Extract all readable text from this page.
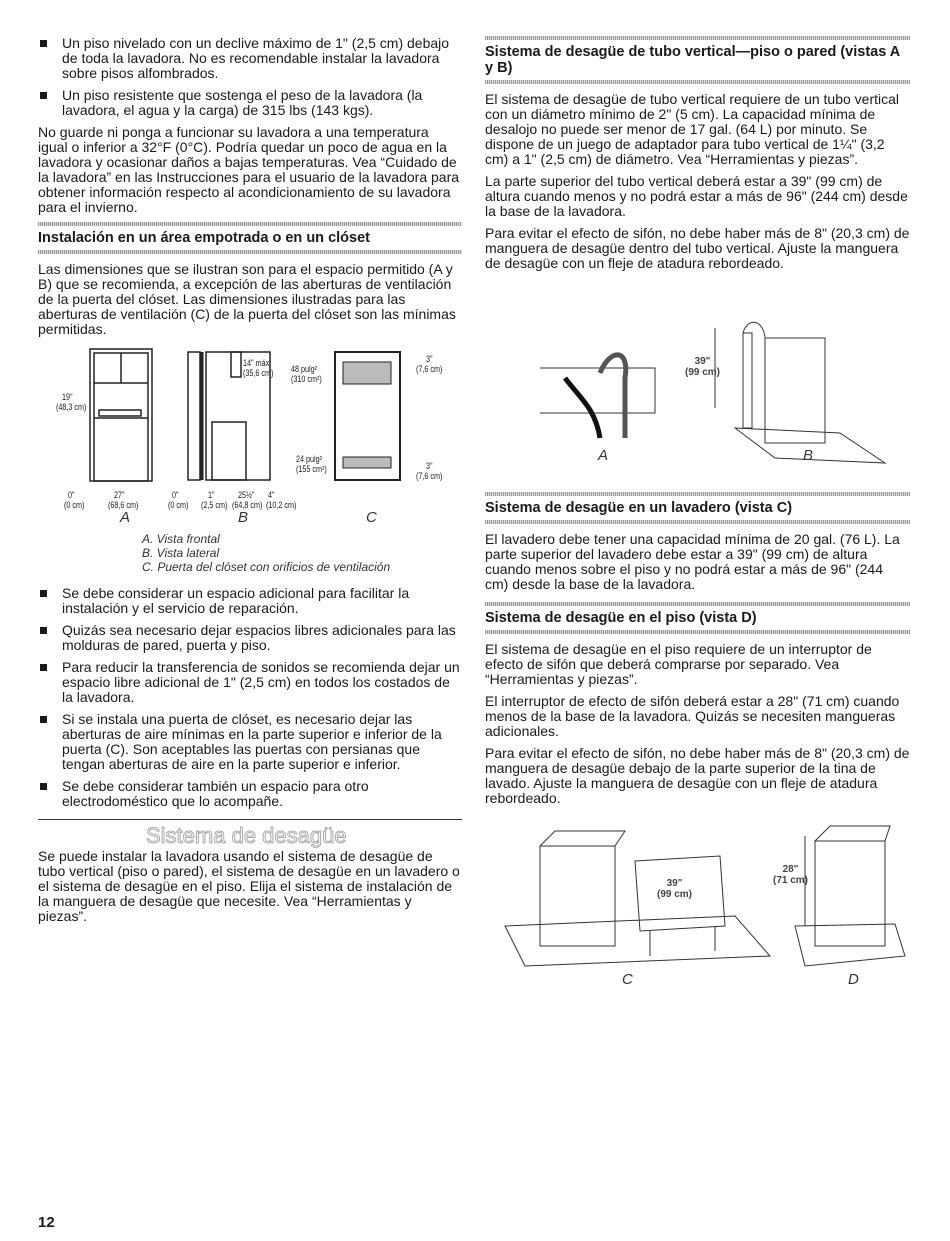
Un piso nivelado con un declive máximo de 1" (2,5 cm) debajo de toda la lavadora. No es recomendable instalar la lavadora sobre pisos alfombrados.
Un piso resistente que sostenga el peso de la lavadora (la lavadora, el agua y la carga) de 315 lbs (143 kgs).

No guarde ni ponga a funcionar su lavadora a una temperatura igual o inferior a 32°F (0°C). Podría quedar un poco de agua en la lavadora y ocasionar daños a bajas temperaturas. Vea “Cuidado de la lavadora” en las Instrucciones para el usuario de la lavadora para obtener información respecto al acondicionamiento de su lavadora para el invierno.

Instalación en un área empotrada o en un clóset

Las dimensiones que se ilustran son para el espacio permitido (A y B) que se recomienda, a excepción de las aberturas de ventilación de la puerta del clóset. Las dimensiones ilustradas para las aberturas de ventilación (C) de la puerta del clóset son las mínimas permitidas.

19"
(48,3 cm)
0"
(0 cm)
27"
(68,6 cm)
0"
(0 cm)
1"
(2,5 cm)
25½"
(64,8 cm)
4"
(10,2 cm)
14" máx.
(35,6 cm) 48 pulg²
(310 cm²)
24 pulg²
(155 cm²)
3"
(7,6 cm)
3"
(7,6 cm)
A	B	C
A. Vista frontal
B. Vista lateral
C. Puerta del clóset con orificios de ventilación
Se debe considerar un espacio adicional para facilitar la instalación y el servicio de reparación.
Quizás sea necesario dejar espacios libres adicionales para las molduras de pared, puerta y piso.
Para reducir la transferencia de sonidos se recomienda dejar un espacio libre adicional de 1" (2,5 cm) en todos los costados de la lavadora.
Si se instala una puerta de clóset, es necesario dejar las aberturas de aire mínimas en la parte superior e inferior de la puerta (C). Son aceptables las puertas con persianas que tengan aberturas de aire en la parte superior e inferior.
Se debe considerar también un espacio para otro electrodoméstico que lo acompañe.
Sistema de desagüe

Se puede instalar la lavadora usando el sistema de desagüe de tubo vertical (piso o pared), el sistema de desagüe en un lavadero o el sistema de desagüe en el piso. Elija el sistema de instalación de la manguera de desagüe que necesite. Vea “Herramientas y piezas”.

Sistema de desagüe de tubo vertical—piso o pared (vistas A y B)

El sistema de desagüe de tubo vertical requiere de un tubo vertical con un diámetro mínimo de 2" (5 cm). La capacidad mínima de desalojo no puede ser menor de 17 gal. (64 L) por minuto. Se dispone de un juego de adaptador para tubo vertical de 1¼" (3,2 cm) a 1" (2,5 cm) de diámetro. Vea “Herramientas y piezas”.

La parte superior del tubo vertical deberá estar a 39" (99 cm) de altura cuando menos y no podrá estar a más de 96" (244 cm) desde la base de la lavadora.

Para evitar el efecto de sifón, no debe haber más de 8" (20,3 cm) de manguera de desagüe dentro del tubo vertical. Ajuste la manguera de desagüe con un fleje de atadura rebordeado.

39"
(99 cm)
A	B
Sistema de desagüe en un lavadero (vista C)

El lavadero debe tener una capacidad mínima de 20 gal. (76 L). La parte superior del lavadero debe estar a 39" (99 cm) de altura cuando menos sobre el piso y no podrá estar a más de 96" (244 cm) desde la base de la lavadora.

Sistema de desagüe en el piso (vista D)

El sistema de desagüe en el piso requiere de un interruptor de efecto de sifón que deberá comprarse por separado. Vea “Herramientas y piezas”.

El interruptor de efecto de sifón deberá estar a 28" (71 cm) cuando menos de la base de la lavadora. Quizás se necesiten mangueras adicionales.

Para evitar el efecto de sifón, no debe haber más de 8" (20,3 cm) de manguera de desagüe debajo de la parte superior de la tina de lavado. Ajuste la manguera de desagüe con un fleje de atadura rebordeado.

39"
(99 cm)
28"
(71 cm)
C	D
12
